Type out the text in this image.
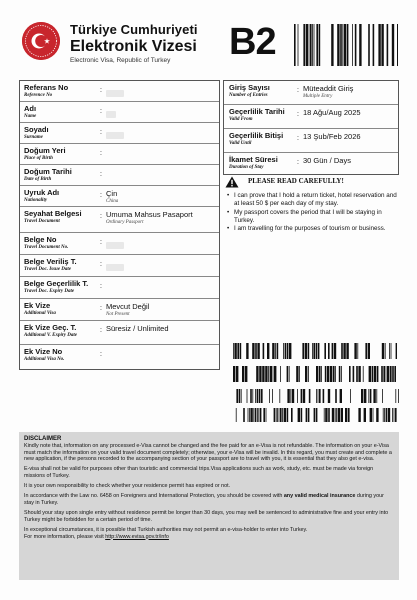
Türkiye Cumhuriyeti
Elektronik Vizesi
Electronic Visa, Republic of Turkey B2
Referans No
Reference No
:
Adı
Name
:
Soyadı
Surname
:
Doğum Yeri
Place of Birth
:
Doğum Tarihi
Date of Birth
:
Uyruk Adı
Nationality
: Çin
China
Seyahat Belgesi
Travel Document
: Umuma Mahsus Pasaport
Ordinary Passport
Belge No
Travel Document No.
:
Belge Veriliş T.
Travel Doc. Issue Date
:
Belge Geçerlilik T.
Travel Doc. Expiry Date
:
Ek Vize
Additional Visa
: Mevcut Değil
Not Present
Ek Vize Geç. T.
Additional V. Expiry Date
: Süresiz / Unlimited
Ek Vize No
Additional Visa No.
:
Giriş Sayısı
Number of Entries
: Müteaddit Giriş
Multiple Entry
Geçerlilik Tarihi
Valid From
: 18 Ağu/Aug 2025
Geçerlilik Bitişi
Valid Until
: 13 Şub/Feb 2026
İkamet Süresi
Duration of Stay
: 30 Gün / Days
PLEASE READ CAREFULLY!
• I can prove that I hold a return ticket, hotel reservation and at least 50 $ per each day of my stay.
• My passport covers the period that I will be staying in Turkey.
• I am travelling for the purposes of tourism or business.
DISCLAIMER

Kindly note that, information on any processed e-Visa cannot be changed and the fee paid for an e-Visa is not refundable. The information on your e-Visa must match the information on your valid travel document completely; otherwise, your e-Visa will be invalid. In this regard, you must create and complete a new application, if the persons recorded to the accompanying section of your passport are to travel with you, it is essential that they also get e-visa.

E-visa shall not be valid for purposes other than touristic and commercial trips.Visa applications such as work, study, etc. must be made via foreign missions of Turkey.

It is your own responsibility to check whether your residence permit has expired or not.

In accordance with the Law no. 6458 on Foreigners and International Protection, you should be covered with any valid medical insurance during your stay in Turkey.

Should your stay upon single entry without residence permit be longer than 30 days, you may well be sentenced to administrative fine and your entry into Turkey might be forbidden for a certain period of time.

In exceptional circumstances, it is possible that Turkish authorities may not permit an e-visa-holder to enter into Turkey.

For more information, please visit http://www.evisa.gov.tr/info
